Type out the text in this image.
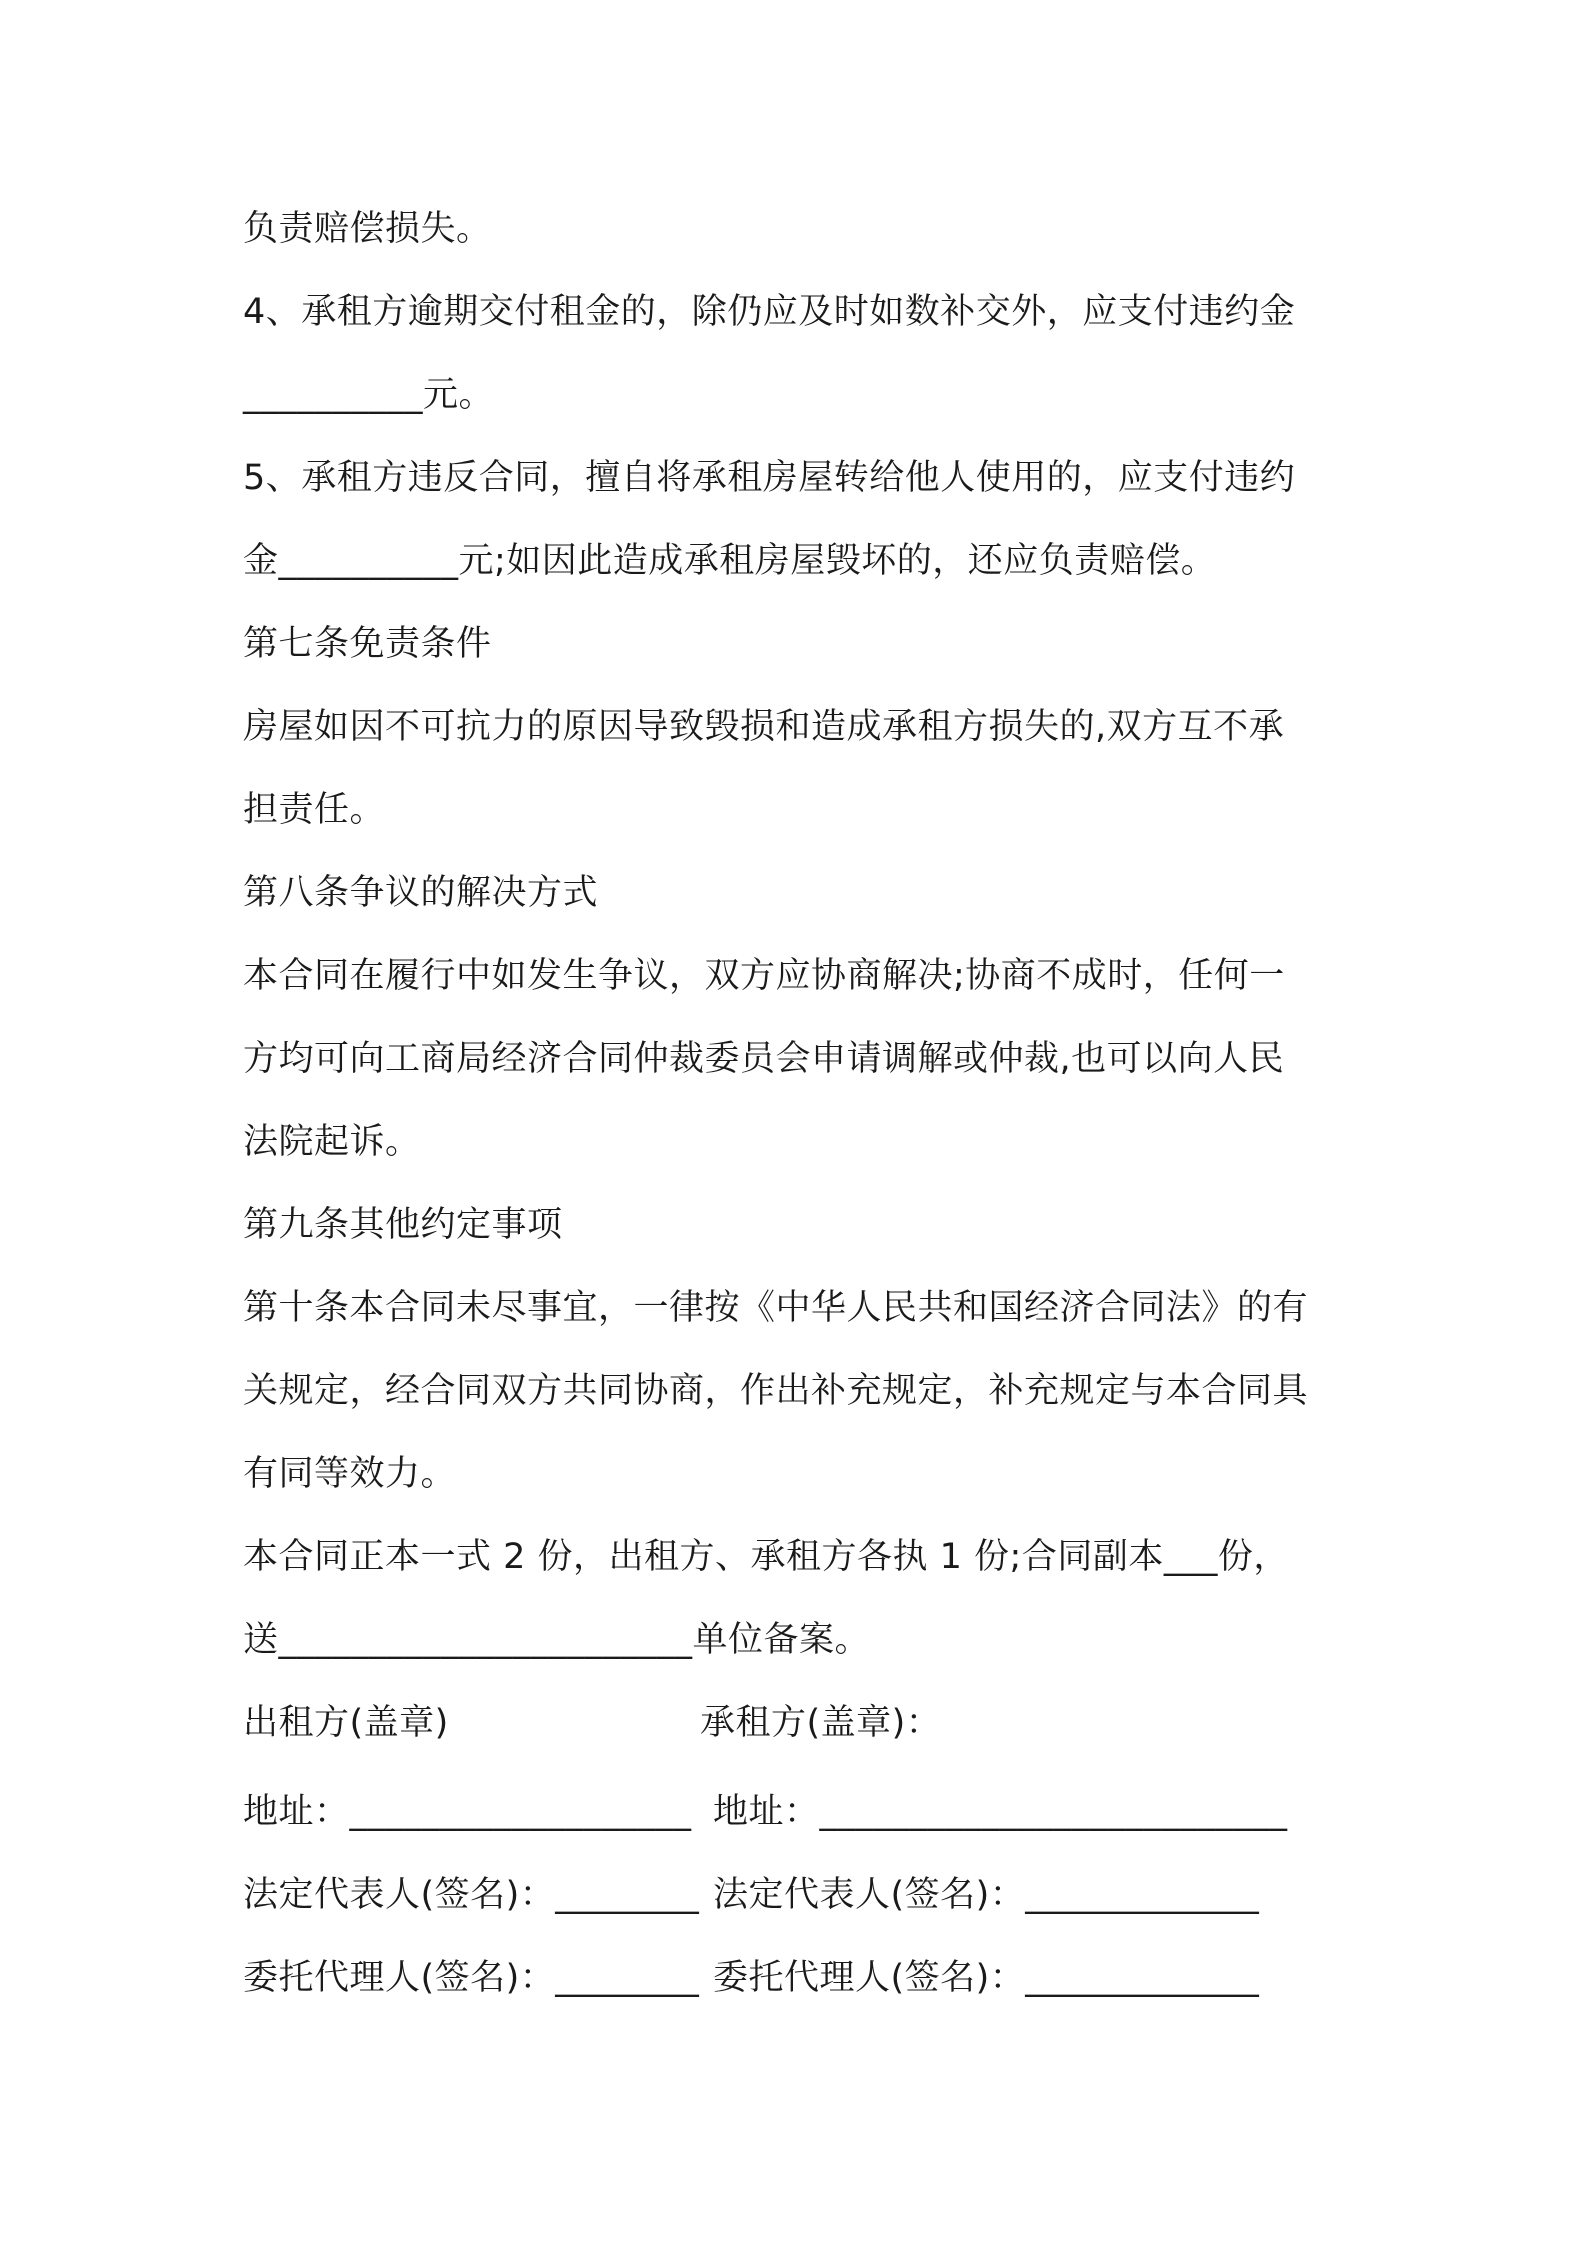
负责赔偿损失。
4、承租方逾期交付租金的，除仍应及时如数补交外，应支付违约金
__________元。
5、承租方违反合同，擅自将承租房屋转给他人使用的，应支付违约
金__________元;如因此造成承租房屋毁坏的，还应负责赔偿。
第七条免责条件
房屋如因不可抗力的原因导致毁损和造成承租方损失的,双方互不承
担责任。
第八条争议的解决方式
本合同在履行中如发生争议，双方应协商解决;协商不成时，任何一
方均可向工商局经济合同仲裁委员会申请调解或仲裁,也可以向人民
法院起诉。
第九条其他约定事项
第十条本合同未尽事宜，一律按《中华人民共和国经济合同法》的有
关规定，经合同双方共同协商，作出补充规定，补充规定与本合同具
有同等效力。
本合同正本一式 2 份，出租方、承租方各执 1 份;合同副本___份，
送_______________________单位备案。
出租方(盖章)	承租方(盖章)：
地址：___________________ 地址：__________________________
法定代表人(签名)：________ 法定代表人(签名)：_____________
委托代理人(签名)：________ 委托代理人(签名)：_____________
